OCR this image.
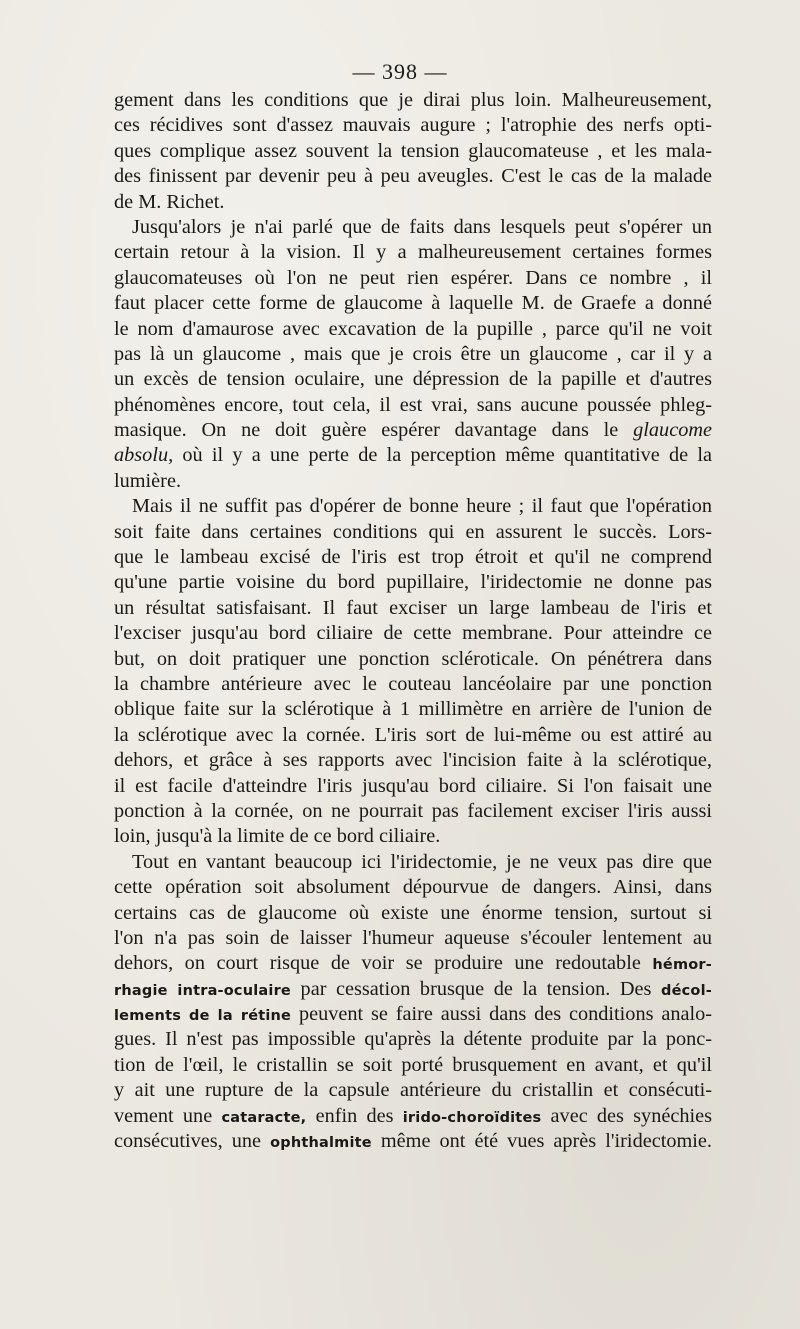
— 398 —
gement dans les conditions que je dirai plus loin. Malheureusement,
ces récidives sont d'assez mauvais augure ; l'atrophie des nerfs opti-
ques complique assez souvent la tension glaucomateuse , et les mala-
des finissent par devenir peu à peu aveugles. C'est le cas de la malade
de M. Richet.
Jusqu'alors je n'ai parlé que de faits dans lesquels peut s'opérer un
certain retour à la vision. Il y a malheureusement certaines formes
glaucomateuses où l'on ne peut rien espérer. Dans ce nombre , il
faut placer cette forme de glaucome à laquelle M. de Graefe a donné
le nom d'amaurose avec excavation de la pupille , parce qu'il ne voit
pas là un glaucome , mais que je crois être un glaucome , car il y a
un excès de tension oculaire, une dépression de la papille et d'autres
phénomènes encore, tout cela, il est vrai, sans aucune poussée phleg-
masique. On ne doit guère espérer davantage dans le glaucome
absolu, où il y a une perte de la perception même quantitative de la
lumière.
Mais il ne suffit pas d'opérer de bonne heure ; il faut que l'opération
soit faite dans certaines conditions qui en assurent le succès. Lors-
que le lambeau excisé de l'iris est trop étroit et qu'il ne comprend
qu'une partie voisine du bord pupillaire, l'iridectomie ne donne pas
un résultat satisfaisant. Il faut exciser un large lambeau de l'iris et
l'exciser jusqu'au bord ciliaire de cette membrane. Pour atteindre ce
but, on doit pratiquer une ponction scléroticale. On pénétrera dans
la chambre antérieure avec le couteau lancéolaire par une ponction
oblique faite sur la sclérotique à 1 millimètre en arrière de l'union de
la sclérotique avec la cornée. L'iris sort de lui-même ou est attiré au
dehors, et grâce à ses rapports avec l'incision faite à la sclérotique,
il est facile d'atteindre l'iris jusqu'au bord ciliaire. Si l'on faisait une
ponction à la cornée, on ne pourrait pas facilement exciser l'iris aussi
loin, jusqu'à la limite de ce bord ciliaire.
Tout en vantant beaucoup ici l'iridectomie, je ne veux pas dire que
cette opération soit absolument dépourvue de dangers. Ainsi, dans
certains cas de glaucome où existe une énorme tension, surtout si
l'on n'a pas soin de laisser l'humeur aqueuse s'écouler lentement au
dehors, on court risque de voir se produire une redoutable hémor-
rhagie intra-oculaire par cessation brusque de la tension. Des décol-
lements de la rétine peuvent se faire aussi dans des conditions analo-
gues. Il n'est pas impossible qu'après la détente produite par la ponc-
tion de l'œil, le cristallin se soit porté brusquement en avant, et qu'il
y ait une rupture de la capsule antérieure du cristallin et consécuti-
vement une cataracte, enfin des irido-choroïdites avec des synéchies
consécutives, une ophthalmite même ont été vues après l'iridectomie.
